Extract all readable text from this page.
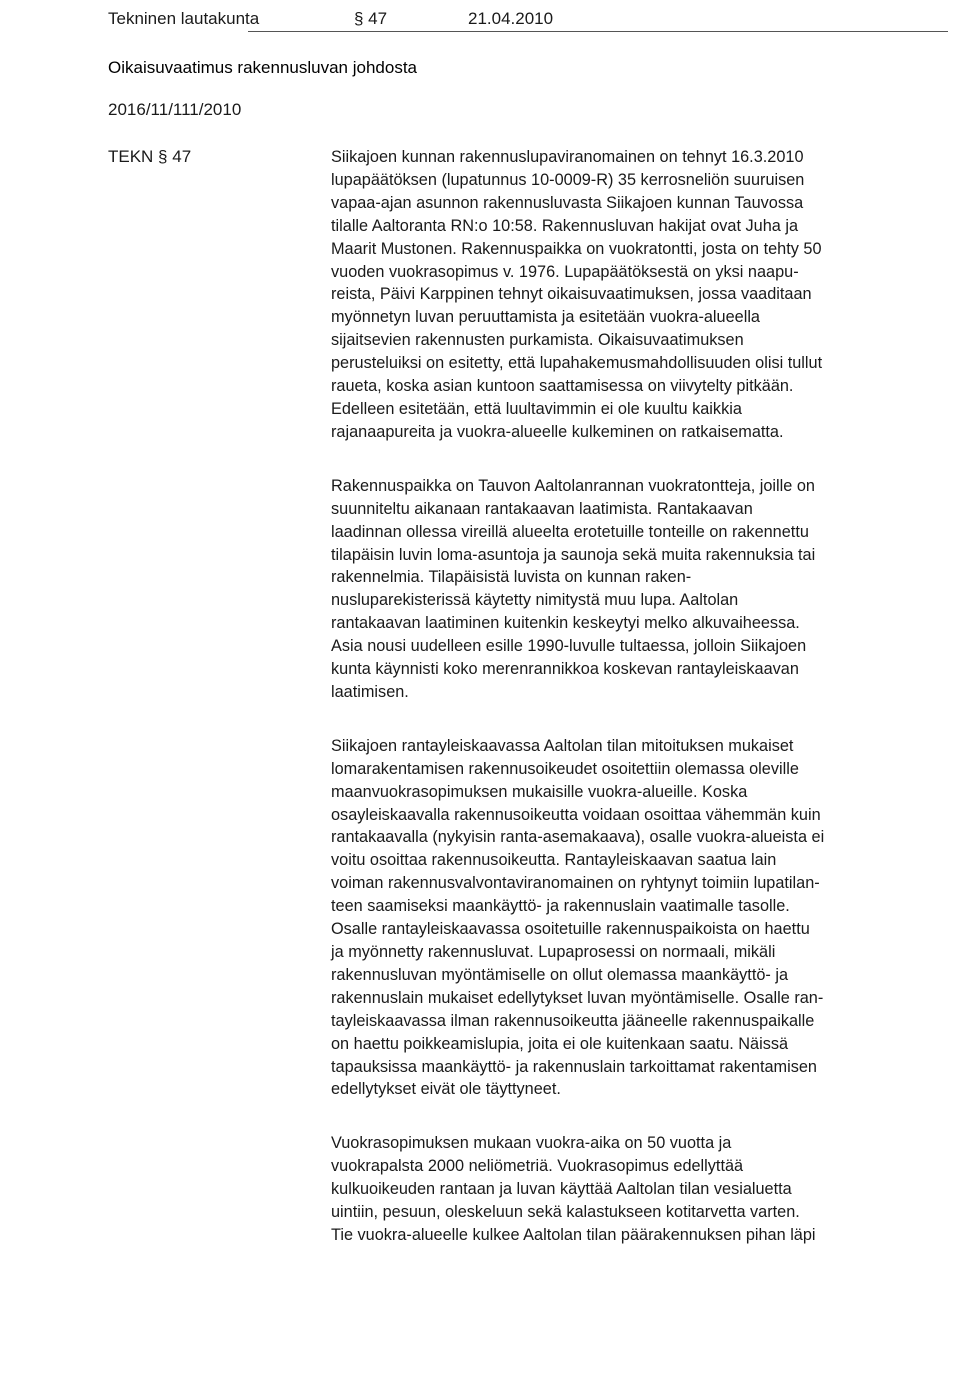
Tekninen lautakunta	§ 47	21.04.2010
Oikaisuvaatimus rakennusluvan johdosta
2016/11/111/2010
TEKN § 47	Siikajoen kunnan rakennuslupaviranomainen on tehnyt 16.3.2010
lupapäätöksen (lupatunnus 10-0009-R) 35 kerrosneliön suuruisen
vapaa-ajan asunnon rakennusluvasta Siikajoen kunnan Tauvossa
tilalle Aaltoranta RN:o 10:58. Rakennusluvan hakijat ovat Juha ja
Maarit Mustonen. Rakennuspaikka on vuokratontti, josta on tehty 50
vuoden vuokrasopimus v. 1976. Lupapäätöksestä on yksi naapu-
reista, Päivi Karppinen tehnyt oikaisuvaatimuksen, jossa vaaditaan
myönnetyn luvan peruuttamista ja esitetään vuokra-alueella
sijaitsevien rakennusten purkamista. Oikaisuvaatimuksen
perusteluiksi on esitetty, että lupahakemusmahdollisuuden olisi tullut
raueta, koska asian kuntoon saattamisessa on viivytelty pitkään.
Edelleen esitetään, että luultavimmin ei ole kuultu kaikkia
rajanaapureita ja vuokra-alueelle kulkeminen on ratkaisematta.
Rakennuspaikka on Tauvon Aaltolanrannan vuokratontteja, joille on
suunniteltu aikanaan rantakaavan laatimista. Rantakaavan
laadinnan ollessa vireillä alueelta erotetuille tonteille on rakennettu
tilapäisin luvin loma-asuntoja ja saunoja sekä muita rakennuksia tai
rakennelmia. Tilapäisistä luvista on kunnan raken-
nusluparekisterissä käytetty nimitystä muu lupa. Aaltolan
rantakaavan laatiminen kuitenkin keskeytyi melko alkuvaiheessa.
Asia nousi uudelleen esille 1990-luvulle tultaessa, jolloin Siikajoen
kunta käynnisti koko merenrannikkoa koskevan rantayleiskaavan
laatimisen.
Siikajoen rantayleiskaavassa Aaltolan tilan mitoituksen mukaiset
lomarakentamisen rakennusoikeudet osoitettiin olemassa oleville
maanvuokrasopimuksen mukaisille vuokra-alueille. Koska
osayleiskaavalla rakennusoikeutta voidaan osoittaa vähemmän kuin
rantakaavalla (nykyisin ranta-asemakaava), osalle vuokra-alueista ei
voitu osoittaa rakennusoikeutta. Rantayleiskaavan saatua lain
voiman rakennusvalvontaviranomainen on ryhtynyt toimiin lupatilan-
teen saamiseksi maankäyttö- ja rakennuslain vaatimalle tasolle.
Osalle rantayleiskaavassa osoitetuille rakennuspaikoista on haettu
ja myönnetty rakennusluvat. Lupaprosessi on normaali, mikäli
rakennusluvan myöntämiselle on ollut olemassa maankäyttö- ja
rakennuslain mukaiset edellytykset luvan myöntämiselle. Osalle ran-
tayleiskaavassa ilman rakennusoikeutta jääneelle rakennuspaikalle
on haettu poikkeamislupia, joita ei ole kuitenkaan saatu. Näissä
tapauksissa maankäyttö- ja rakennuslain tarkoittamat rakentamisen
edellytykset eivät ole täyttyneet.
Vuokrasopimuksen mukaan vuokra-aika on 50 vuotta ja
vuokrapalsta 2000 neliömetriä. Vuokrasopimus edellyttää
kulkuoikeuden rantaan ja luvan käyttää Aaltolan tilan vesialuetta
uintiin, pesuun, oleskeluun sekä kalastukseen kotitarvetta varten.
Tie vuokra-alueelle kulkee Aaltolan tilan päärakennuksen pihan läpi
